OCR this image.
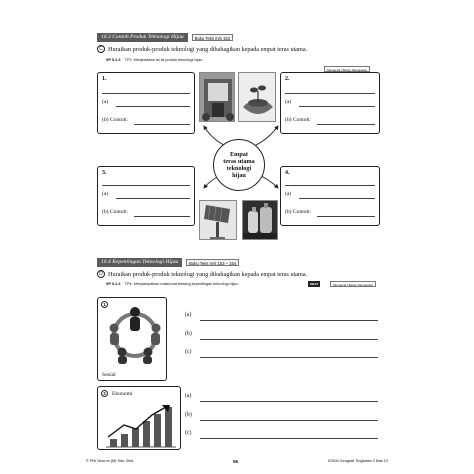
10.3 Contoh Produk Teknologi Hijau	Buku Teks m/s 152
C Huraikan produk-produk teknologi yang dibahagikan kepada empat teras utama.
SP 9.2.3 TP2: Menjelaskan isi-isi produk teknologi hijau.
Mengenal / Belum Menguasai
1.
(a)
(b) Contoh:
2.
(a)
(b) Contoh:
3.
(a)
(b) Contoh:
4.
(a)
(b) Contoh:
Empat
teras utama
teknologi
hijau
10.4 Kepentingan Teknologi Hijau	Buku Teks m/s 153 – 154
D Huraikan produk-produk teknologi yang dibahagikan kepada empat teras utama.
SP 9.2.4 TP4: Menyampaikan maklumat tentang kepentingan teknologi hijau.	KBAT	Mengenal / Belum Menguasai
1
Sosial
2	Ekonomi
(a)
(b)
(c)
(a)
(b)
(c)
© PNI Neuron (M) Sdn. Bhd.	55	KSSM Geografi Tingkatan 2 Bab 10
